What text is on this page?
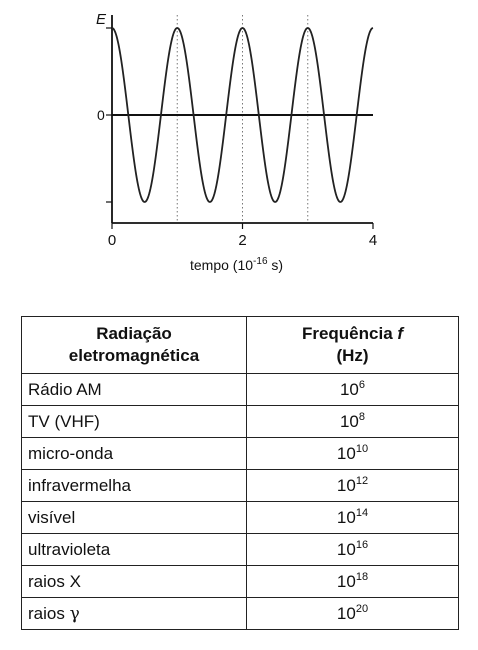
0	2	4
E
0
tempo ($10^{-16}$ s)
Radiação
eletromagnética	Frequência f
(Hz)

Rádio AM	$10^6$
TV (VHF)	$10^8$
micro-onda	$10^{10}$
infravermelha	$10^{12}$
visível	$10^{14}$
ultravioleta	$10^{16}$
raios X	$10^{18}$
raios γ	$10^{20}$
